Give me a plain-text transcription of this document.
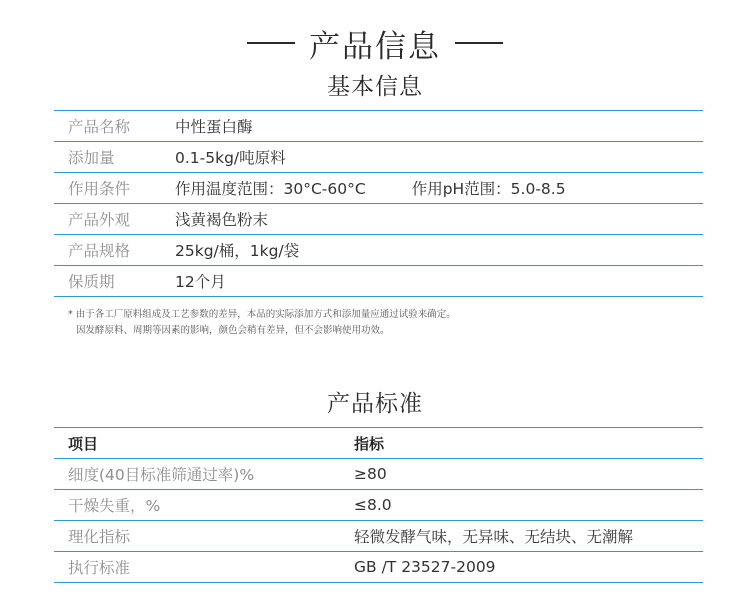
产品信息
基本信息
产品名称	中性蛋白酶
添加量	0.1-5kg/吨原料
作用条件	作用温度范围：30°C-60°C 作用pH范围：5.0-8.5
产品外观	浅黄褐色粉末
产品规格	25kg/桶，1kg/袋
保质期	12个月
* 由于各工厂原料组成及工艺参数的差异，本品的实际添加方式和添加量应通过试验来确定。
因发酵原料、周期等因素的影响，颜色会稍有差异，但不会影响使用功效。
产品标准
项目	指标
细度(40目标准筛通过率)%	≥80
干燥失重，%	≤8.0
理化指标	轻微发酵气味，无异味、无结块、无潮解
执行标准	GB /T 23527-2009
